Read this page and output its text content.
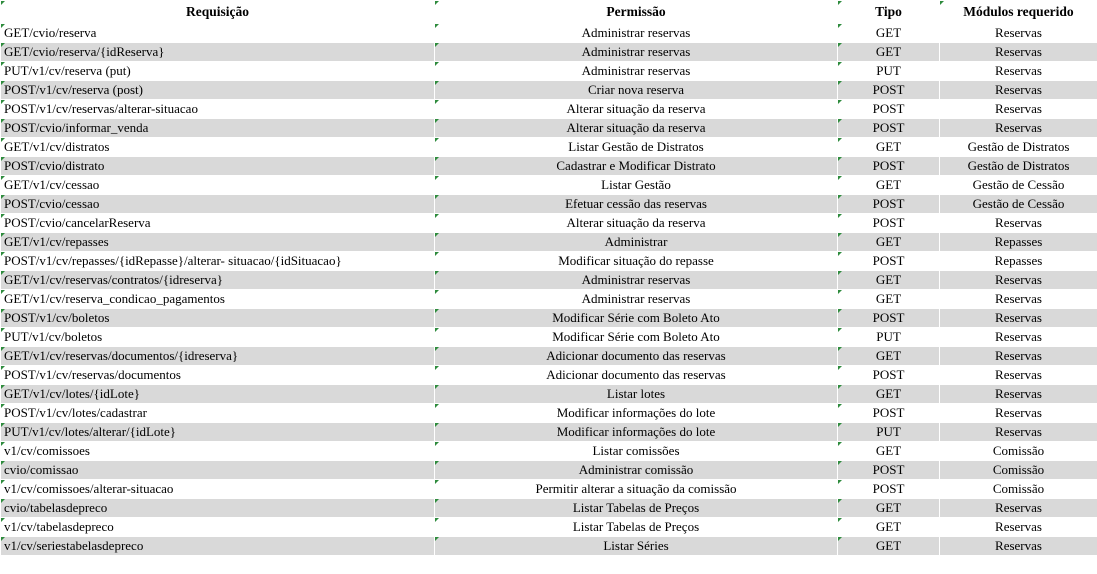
Requisição	Permissão	Tipo	Módulos requerido
GET/cvio/reserva	Administrar reservas	GET	Reservas
GET/cvio/reserva/{idReserva}	Administrar reservas	GET	Reservas
PUT/v1/cv/reserva (put)	Administrar reservas	PUT	Reservas
POST/v1/cv/reserva (post)	Criar nova reserva	POST	Reservas
POST/v1/cv/reservas/alterar-situacao	Alterar situação da reserva	POST	Reservas
POST/cvio/informar_venda	Alterar situação da reserva	POST	Reservas
GET/v1/cv/distratos	Listar Gestão de Distratos	GET	Gestão de Distratos
POST/cvio/distrato	Cadastrar e Modificar Distrato	POST	Gestão de Distratos
GET/v1/cv/cessao	Listar Gestão	GET	Gestão de Cessão
POST/cvio/cessao	Efetuar cessão das reservas	POST	Gestão de Cessão
POST/cvio/cancelarReserva	Alterar situação da reserva	POST	Reservas
GET/v1/cv/repasses	Administrar	GET	Repasses
POST/v1/cv/repasses/{idRepasse}/alterar- situacao/{idSituacao}	Modificar situação do repasse	POST	Repasses
GET/v1/cv/reservas/contratos/{idreserva}	Administrar reservas	GET	Reservas
GET/v1/cv/reserva_condicao_pagamentos	Administrar reservas	GET	Reservas
POST/v1/cv/boletos	Modificar Série com Boleto Ato	POST	Reservas
PUT/v1/cv/boletos	Modificar Série com Boleto Ato	PUT	Reservas
GET/v1/cv/reservas/documentos/{idreserva}	Adicionar documento das reservas	GET	Reservas
POST/v1/cv/reservas/documentos	Adicionar documento das reservas	POST	Reservas
GET/v1/cv/lotes/{idLote}	Listar lotes	GET	Reservas
POST/v1/cv/lotes/cadastrar	Modificar informações do lote	POST	Reservas
PUT/v1/cv/lotes/alterar/{idLote}	Modificar informações do lote	PUT	Reservas
v1/cv/comissoes	Listar comissões	GET	Comissão
cvio/comissao	Administrar comissão	POST	Comissão
v1/cv/comissoes/alterar-situacao	Permitir alterar a situação da comissão	POST	Comissão
cvio/tabelasdepreco	Listar Tabelas de Preços	GET	Reservas
v1/cv/tabelasdepreco	Listar Tabelas de Preços	GET	Reservas
v1/cv/seriestabelasdepreco	Listar Séries	GET	Reservas
